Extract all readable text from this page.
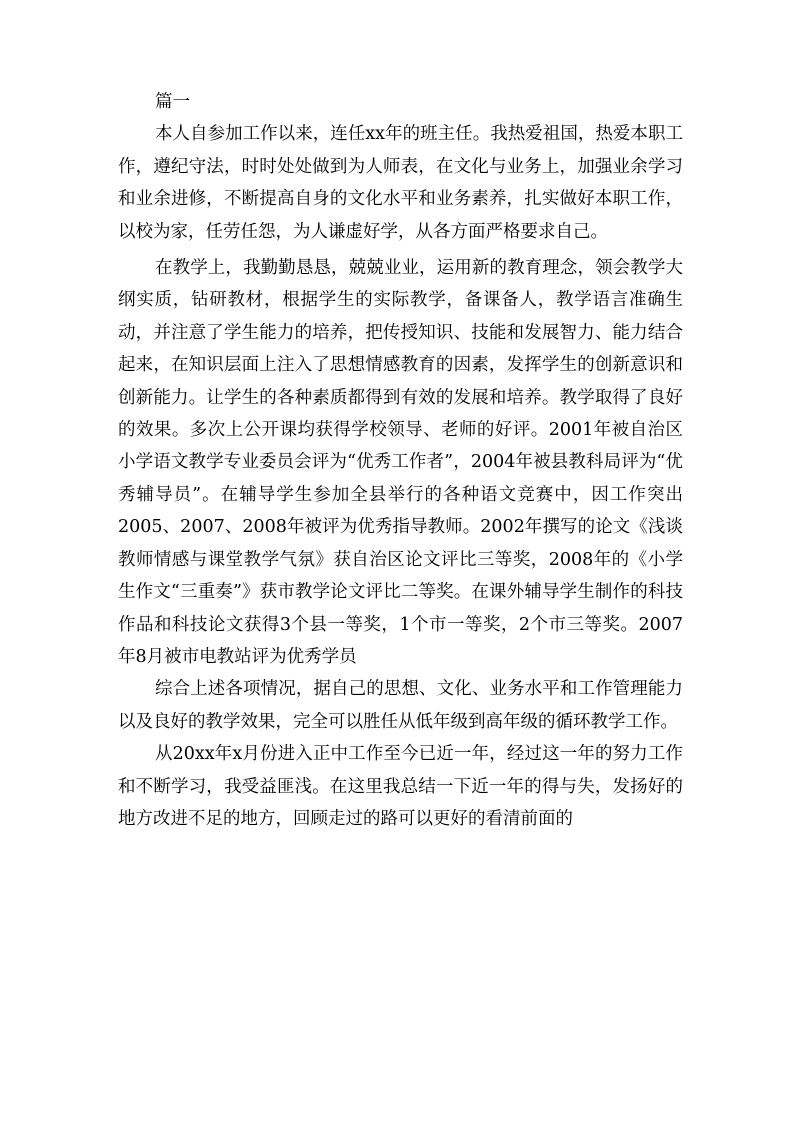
篇一

本人自参加工作以来，连任xx年的班主任。我热爱祖国，热爱本职工作，遵纪守法，时时处处做到为人师表，在文化与业务上，加强业余学习和业余进修，不断提高自身的文化水平和业务素养，扎实做好本职工作，以校为家，任劳任怨，为人谦虚好学，从各方面严格要求自己。

在教学上，我勤勤恳恳，兢兢业业，运用新的教育理念，领会教学大纲实质，钻研教材，根据学生的实际教学，备课备人，教学语言准确生动，并注意了学生能力的培养，把传授知识、技能和发展智力、能力结合起来，在知识层面上注入了思想情感教育的因素，发挥学生的创新意识和创新能力。让学生的各种素质都得到有效的发展和培养。教学取得了良好的效果。多次上公开课均获得学校领导、老师的好评。2001年被自治区小学语文教学专业委员会评为“优秀工作者”，2004年被县教科局评为“优秀辅导员”。在辅导学生参加全县举行的各种语文竞赛中，因工作突出2005、2007、2008年被评为优秀指导教师。2002年撰写的论文《浅谈教师情感与课堂教学气氛》获自治区论文评比三等奖，2008年的《小学生作文“三重奏”》获市教学论文评比二等奖。在课外辅导学生制作的科技作品和科技论文获得3个县一等奖，1个市一等奖，2个市三等奖。2007年8月被市电教站评为优秀学员

综合上述各项情况，据自己的思想、文化、业务水平和工作管理能力以及良好的教学效果，完全可以胜任从低年级到高年级的循环教学工作。

从20xx年x月份进入正中工作至今已近一年，经过这一年的努力工作和不断学习，我受益匪浅。在这里我总结一下近一年的得与失，发扬好的地方改进不足的地方，回顾走过的路可以更好的看清前面的
